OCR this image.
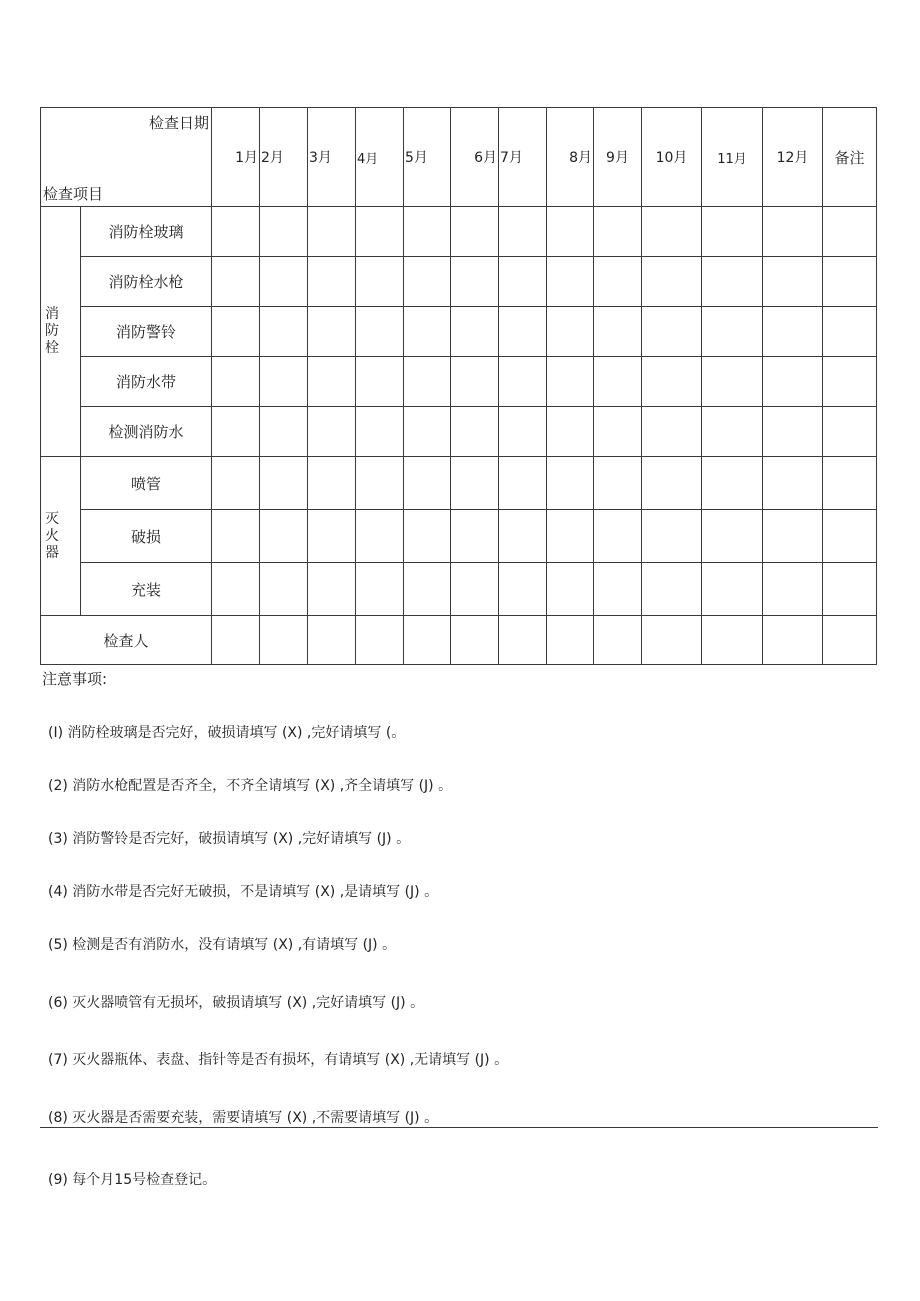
检查日期
检查项目		1月	2月	3月	4月	5月	6月	7月	8月	9月	10月	11月	12月	备注

消防栓	消防栓玻璃													
	消防栓水枪													
	消防警铃													
	消防水带													
	检测消防水													

灭火器	喷管													
	破损													
	充装													
检查人														
注意事项:
(I) 消防栓玻璃是否完好，破损请填写 (X) ,完好请填写 (。
(2) 消防水枪配置是否齐全，不齐全请填写 (X) ,齐全请填写 (J) 。
(3) 消防警铃是否完好，破损请填写 (X) ,完好请填写 (J) 。
(4) 消防水带是否完好无破损，不是请填写 (X) ,是请填写 (J) 。
(5) 检测是否有消防水，没有请填写 (X) ,有请填写 (J) 。
(6) 灭火器喷管有无损坏，破损请填写 (X) ,完好请填写 (J) 。
(7) 灭火器瓶体、表盘、指针等是否有损坏，有请填写 (X) ,无请填写 (J) 。
(8) 灭火器是否需要充装，需要请填写 (X) ,不需要请填写 (J) 。
(9) 每个月15号检查登记。
